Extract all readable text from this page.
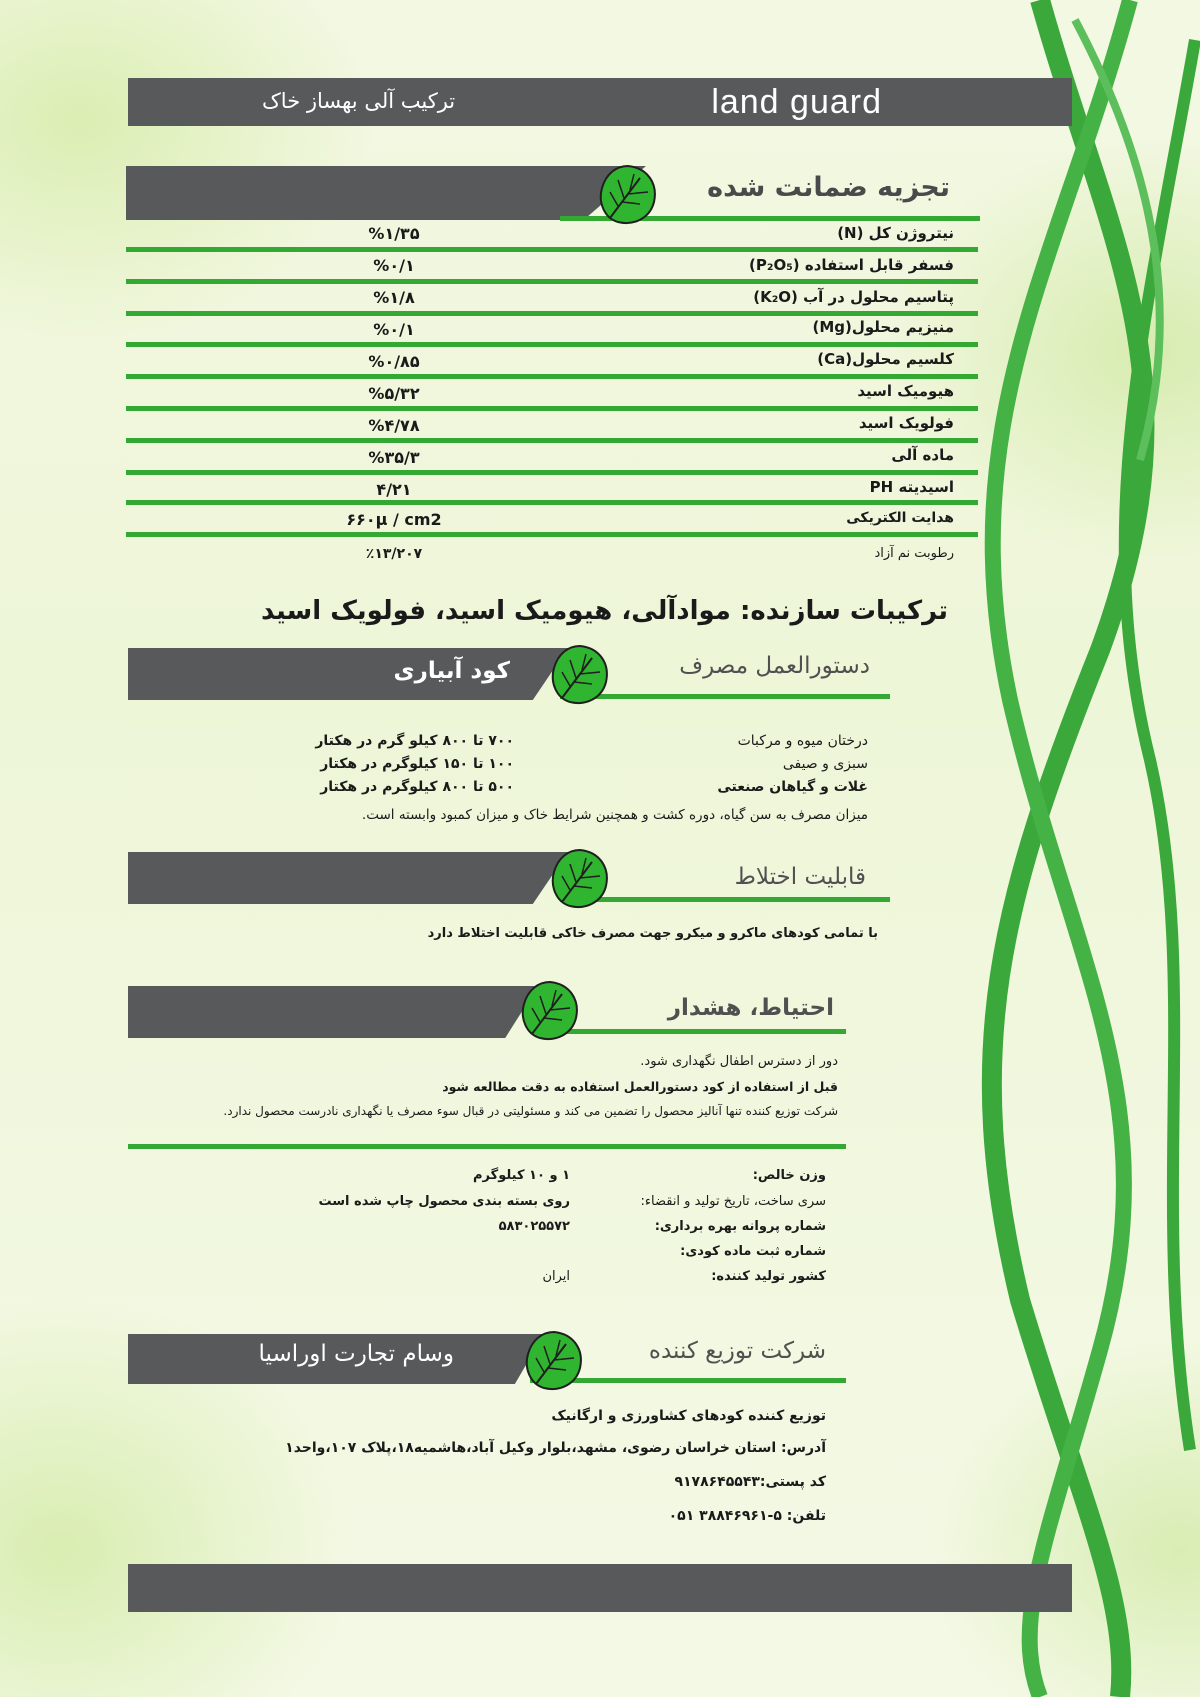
land guard
ترکیب آلی بهساز خاک
تجزیه ضمانت شده
نیتروژن کل (N)
%۱/۳۵
فسفر قابل استفاده (P₂O₅)
%۰/۱
پتاسیم محلول در آب (K₂O)
%۱/۸
منیزیم محلول(Mg)
%۰/۱
کلسیم محلول(Ca)
%۰/۸۵
هیومیک اسید
%۵/۳۲
فولویک اسید
%۴/۷۸
ماده آلی
%۳۵/۳
اسیدیته PH
۴/۲۱
هدایت الکتریکی
۶۶۰µ / cm2
رطوبت نم آزاد
٪۱۳/۲۰۷
ترکیبات سازنده: موادآلی، هیومیک اسید، فولویک اسید
کود آبیاری	دستورالعمل مصرف
درختان میوه و مرکبات
۷۰۰ تا ۸۰۰ کیلو گرم در هکتار
سبزی و صیفی
۱۰۰ تا ۱۵۰ کیلوگرم در هکتار
غلات و گیاهان صنعتی
۵۰۰ تا ۸۰۰ کیلوگرم در هکتار
میزان مصرف به سن گیاه، دوره کشت و همچنین شرایط خاک و میزان کمبود وابسته است.
قابلیت اختلاط
با تمامی کودهای ماکرو و میکرو جهت مصرف خاکی قابلیت اختلاط دارد
احتیاط، هشدار
دور از دسترس اطفال نگهداری شود.
قبل از استفاده از کود دستورالعمل استفاده به دقت مطالعه شود
شرکت توزیع کننده تنها آنالیز محصول را تضمین می کند و مسئولیتی در قبال سوء مصرف یا نگهداری نادرست محصول ندارد.
وزن خالص:
۱ و ۱۰ کیلوگرم
سری ساخت، تاریخ تولید و انقضاء:
روی بسته بندی محصول چاپ شده است
شماره پروانه بهره برداری:
۵۸۳۰۲۵۵۷۲
شماره ثبت ماده کودی:
کشور تولید کننده:
ایران
وسام تجارت اوراسیا	شرکت توزیع کننده
توزیع کننده کودهای کشاورزی و ارگانیک
آدرس: استان خراسان رضوی، مشهد،بلوار وکیل آباد،هاشمیه۱۸،پلاک ۱۰۷،واحد۱
کد پستی:۹۱۷۸۶۴۵۵۴۳
تلفن: ۵-۳۸۸۴۶۹۶۱ ۰۵۱
